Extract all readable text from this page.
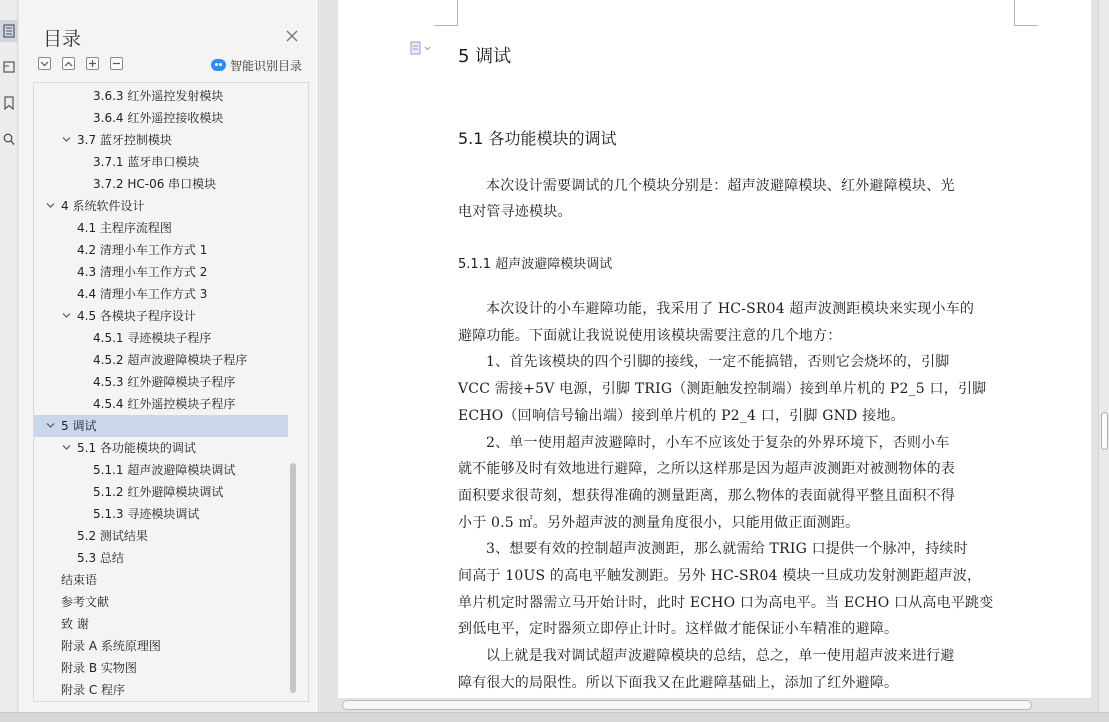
目录
智能识别目录
3.6.3 红外遥控发射模块
3.6.4 红外遥控接收模块
3.7 蓝牙控制模块
3.7.1 蓝牙串口模块
3.7.2 HC-06 串口模块
4 系统软件设计
4.1 主程序流程图
4.2 清理小车工作方式 1
4.3 清理小车工作方式 2
4.4 清理小车工作方式 3
4.5 各模块子程序设计
4.5.1 寻迹模块子程序
4.5.2 超声波避障模块子程序
4.5.3 红外避障模块子程序
4.5.4 红外遥控模块子程序
5 调试
5.1 各功能模块的调试
5.1.1 超声波避障模块调试
5.1.2 红外避障模块调试
5.1.3 寻迹模块调试
5.2 测试结果
5.3 总结
结束语
参考文献
致 谢
附录 A 系统原理图
附录 B 实物图
附录 C 程序
5 调试
5.1 各功能模块的调试
本次设计需要调试的几个模块分别是：超声波避障模块、红外避障模块、光
电对管寻迹模块。
5.1.1 超声波避障模块调试
本次设计的小车避障功能，我采用了 HC-SR04 超声波测距模块来实现小车的
避障功能。下面就让我说说使用该模块需要注意的几个地方：
1、首先该模块的四个引脚的接线，一定不能搞错，否则它会烧坏的，引脚
VCC 需接+5V 电源，引脚 TRIG（测距触发控制端）接到单片机的 P2_5 口，引脚
ECHO（回响信号输出端）接到单片机的 P2_4 口，引脚 GND 接地。
2、单一使用超声波避障时，小车不应该处于复杂的外界环境下，否则小车
就不能够及时有效地进行避障，之所以这样那是因为超声波测距对被测物体的表
面积要求很苛刻，想获得准确的测量距离，那么物体的表面就得平整且面积不得
小于 0.5 ㎡。另外超声波的测量角度很小，只能用做正面测距。
3、想要有效的控制超声波测距，那么就需给 TRIG 口提供一个脉冲，持续时
间高于 10US 的高电平触发测距。另外 HC-SR04 模块一旦成功发射测距超声波，
单片机定时器需立马开始计时，此时 ECHO 口为高电平。当 ECHO 口从高电平跳变
到低电平，定时器须立即停止计时。这样做才能保证小车精准的避障。
以上就是我对调试超声波避障模块的总结，总之，单一使用超声波来进行避
障有很大的局限性。所以下面我又在此避障基础上，添加了红外避障。
